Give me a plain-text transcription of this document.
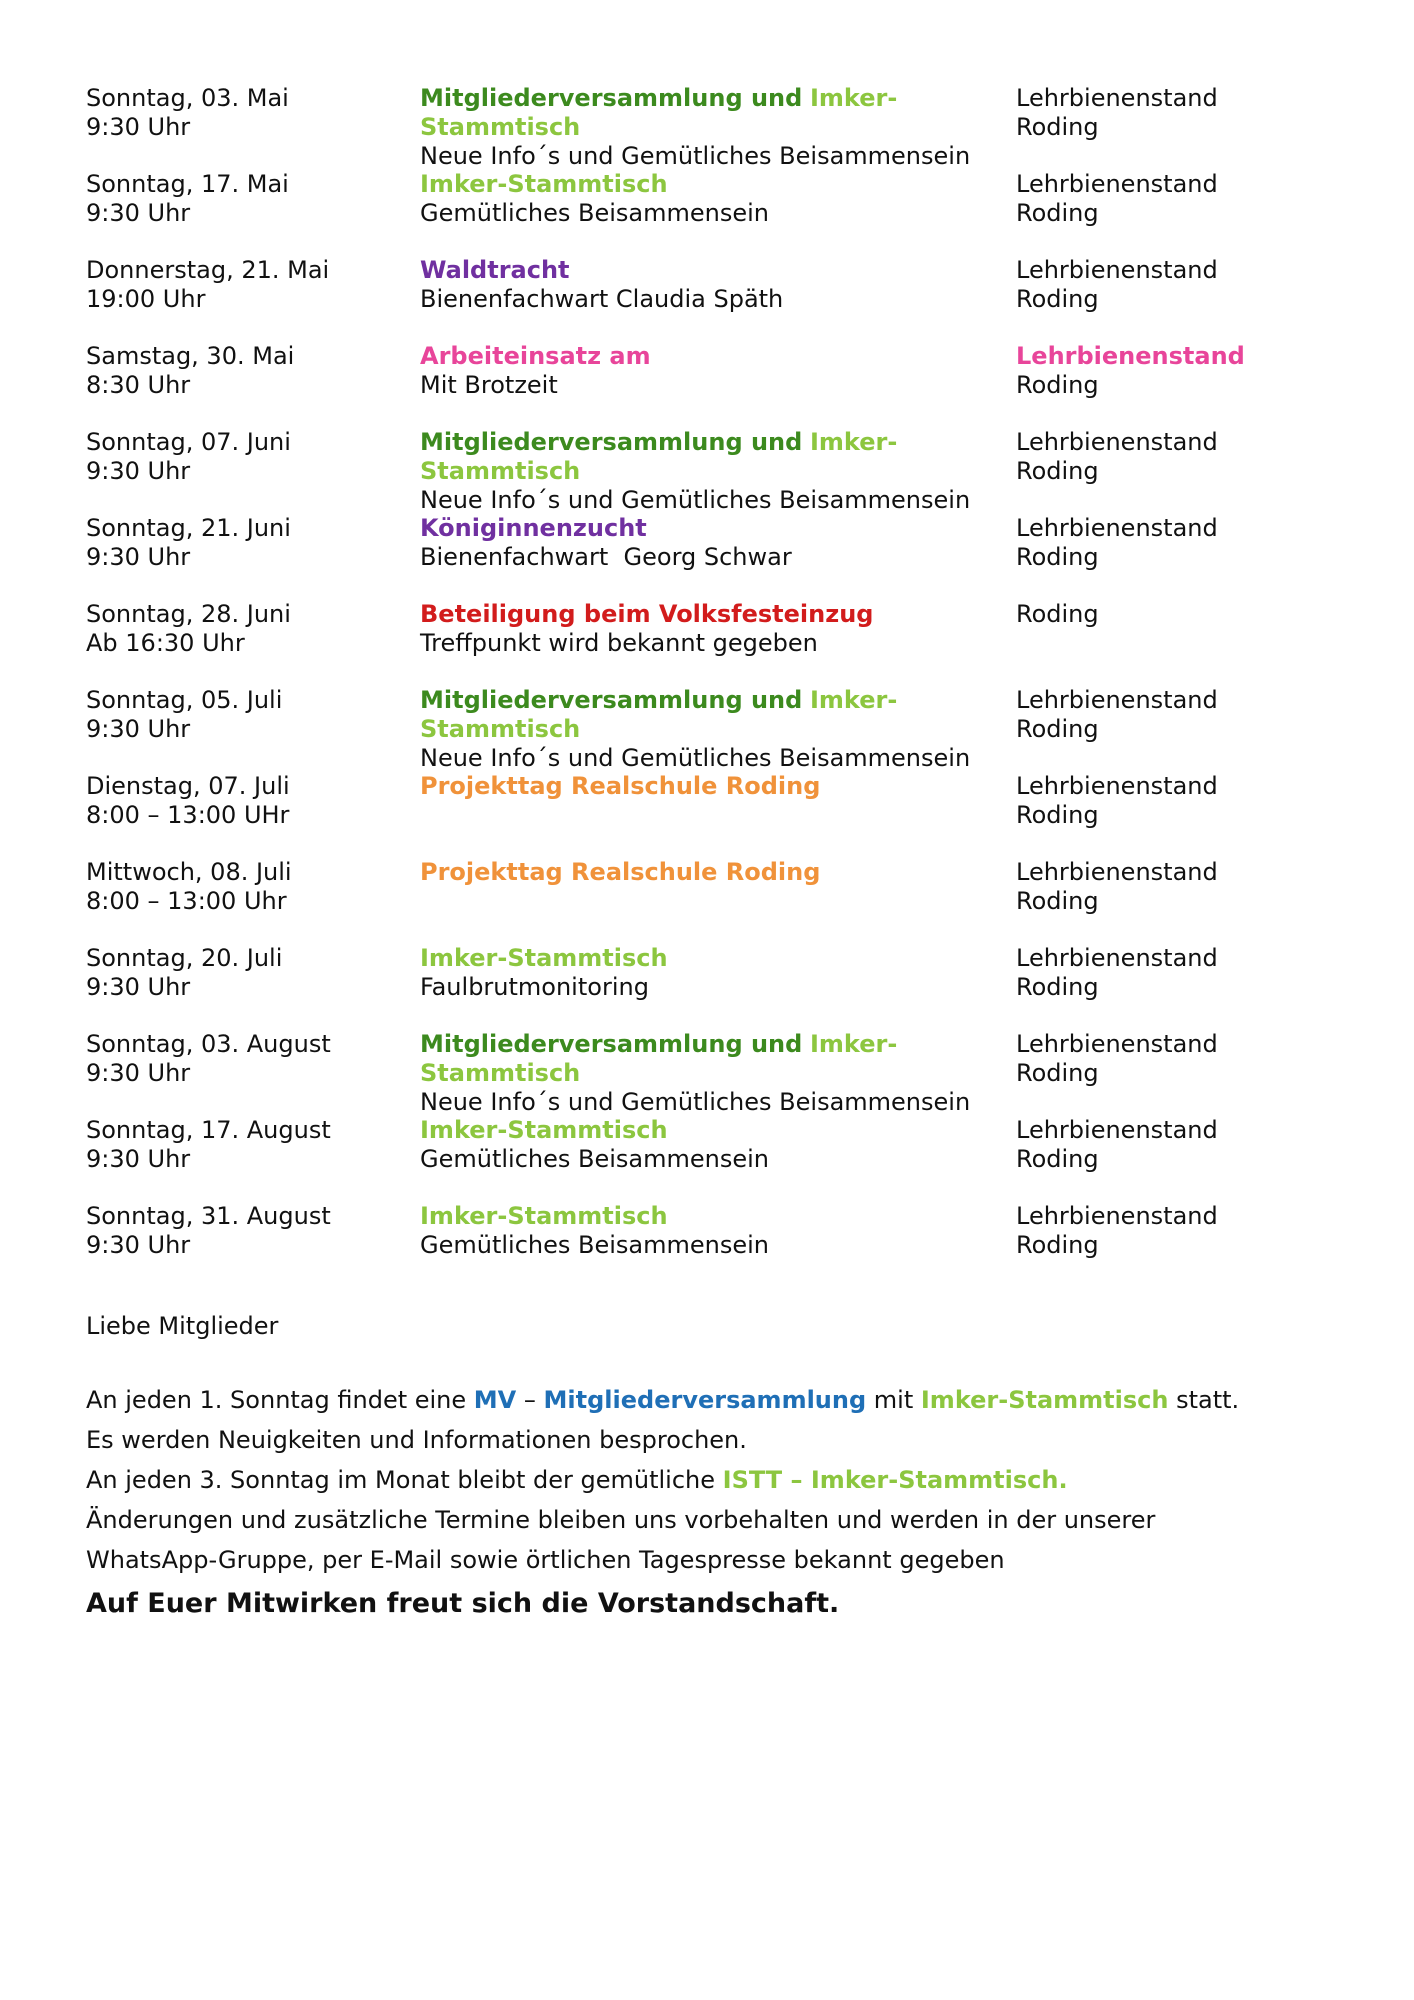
Sonntag, 03. Mai
9:30 Uhr
Mitgliederversammlung und Imker-Stammtisch
Neue Info´s und Gemütliches Beisammensein
Lehrbienenstand
Roding
Sonntag, 17. Mai
9:30 Uhr
Imker-Stammtisch
Gemütliches Beisammensein
Lehrbienenstand
Roding
Donnerstag, 21. Mai
19:00 Uhr
Waldtracht
Bienenfachwart Claudia Späth
Lehrbienenstand
Roding
Samstag, 30. Mai
8:30 Uhr
Arbeiteinsatz am
Mit Brotzeit
Lehrbienenstand
Roding
Sonntag, 07. Juni
9:30 Uhr
Mitgliederversammlung und Imker-Stammtisch
Neue Info´s und Gemütliches Beisammensein
Lehrbienenstand
Roding
Sonntag, 21. Juni
9:30 Uhr
Königinnenzucht
Bienenfachwart  Georg Schwar
Lehrbienenstand
Roding
Sonntag, 28. Juni
Ab 16:30 Uhr
Beteiligung beim Volksfesteinzug
Treffpunkt wird bekannt gegeben
Roding
Sonntag, 05. Juli
9:30 Uhr
Mitgliederversammlung und Imker-Stammtisch
Neue Info´s und Gemütliches Beisammensein
Lehrbienenstand
Roding
Dienstag, 07. Juli
8:00 – 13:00 UHr
Projekttag Realschule Roding	Lehrbienenstand
Roding
Mittwoch, 08. Juli
8:00 – 13:00 Uhr
Projekttag Realschule Roding	Lehrbienenstand
Roding
Sonntag, 20. Juli
9:30 Uhr
Imker-Stammtisch
Faulbrutmonitoring
Lehrbienenstand
Roding
Sonntag, 03. August
9:30 Uhr
Mitgliederversammlung und Imker-Stammtisch
Neue Info´s und Gemütliches Beisammensein
Lehrbienenstand
Roding
Sonntag, 17. August
9:30 Uhr
Imker-Stammtisch
Gemütliches Beisammensein
Lehrbienenstand
Roding
Sonntag, 31. August
9:30 Uhr
Imker-Stammtisch
Gemütliches Beisammensein
Lehrbienenstand
Roding

Liebe Mitglieder

An jeden 1. Sonntag findet eine MV – Mitgliederversammlung mit Imker-Stammtisch statt.
Es werden Neuigkeiten und Informationen besprochen.
An jeden 3. Sonntag im Monat bleibt der gemütliche ISTT – Imker-Stammtisch.
Änderungen und zusätzliche Termine bleiben uns vorbehalten und werden in der unserer
WhatsApp-Gruppe, per E-Mail sowie örtlichen Tagespresse bekannt gegeben
Auf Euer Mitwirken freut sich die Vorstandschaft.
